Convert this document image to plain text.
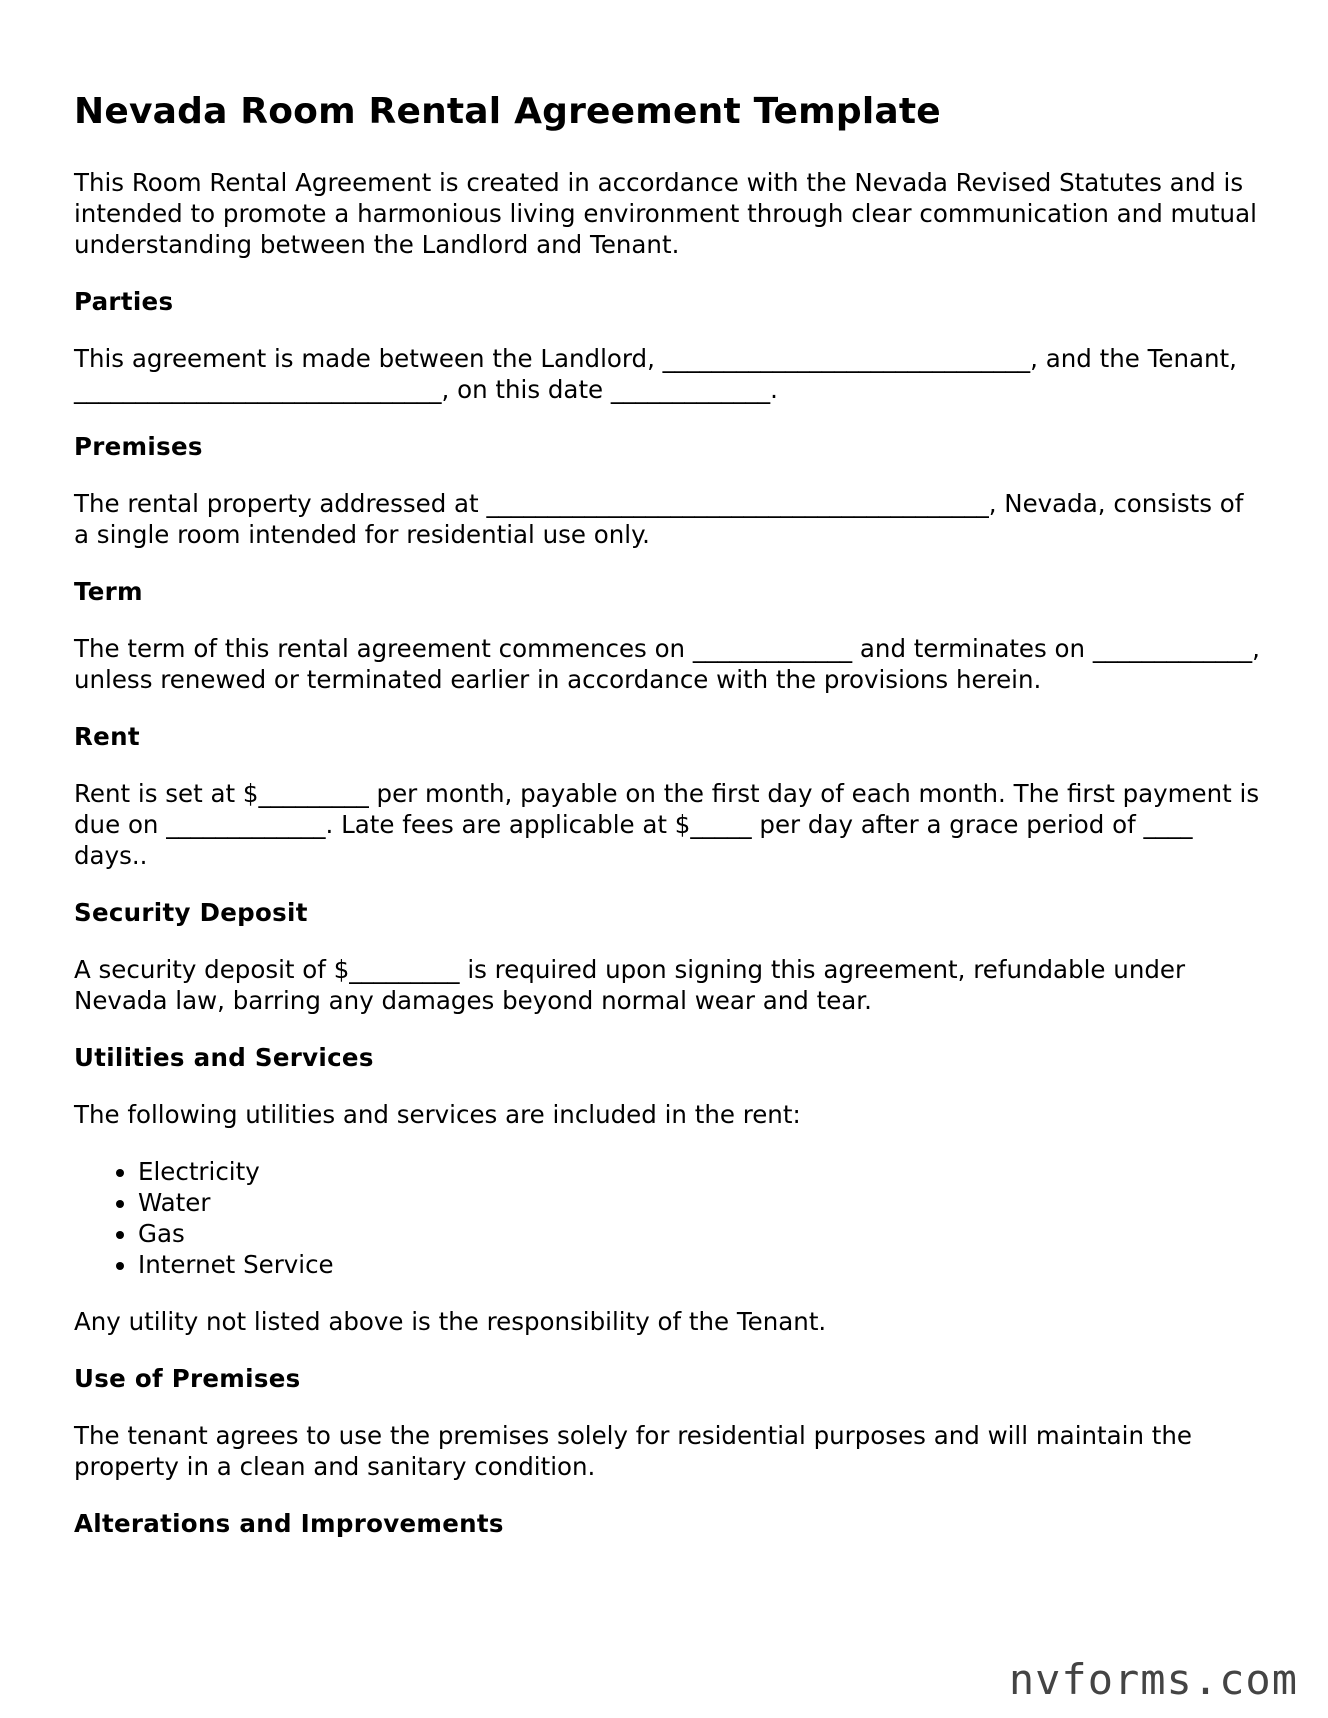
Nevada Room Rental Agreement Template

This Room Rental Agreement is created in accordance with the Nevada Revised Statutes and is intended to promote a harmonious living environment through clear communication and mutual understanding between the Landlord and Tenant.

Parties

This agreement is made between the Landlord, ______________________________, and the Tenant, ______________________________, on this date _____________.

Premises

The rental property addressed at _________________________________________, Nevada, consists of a single room intended for residential use only.

Term

The term of this rental agreement commences on _____________ and terminates on _____________, unless renewed or terminated earlier in accordance with the provisions herein.

Rent

Rent is set at $_________ per month, payable on the first day of each month. The first payment is due on _____________. Late fees are applicable at $_____ per day after a grace period of ____ days..

Security Deposit

A security deposit of $_________ is required upon signing this agreement, refundable under Nevada law, barring any damages beyond normal wear and tear.

Utilities and Services

The following utilities and services are included in the rent:

• Electricity
• Water
• Gas
• Internet Service

Any utility not listed above is the responsibility of the Tenant.

Use of Premises

The tenant agrees to use the premises solely for residential purposes and will maintain the property in a clean and sanitary condition.

Alterations and Improvements
nvforms.com
